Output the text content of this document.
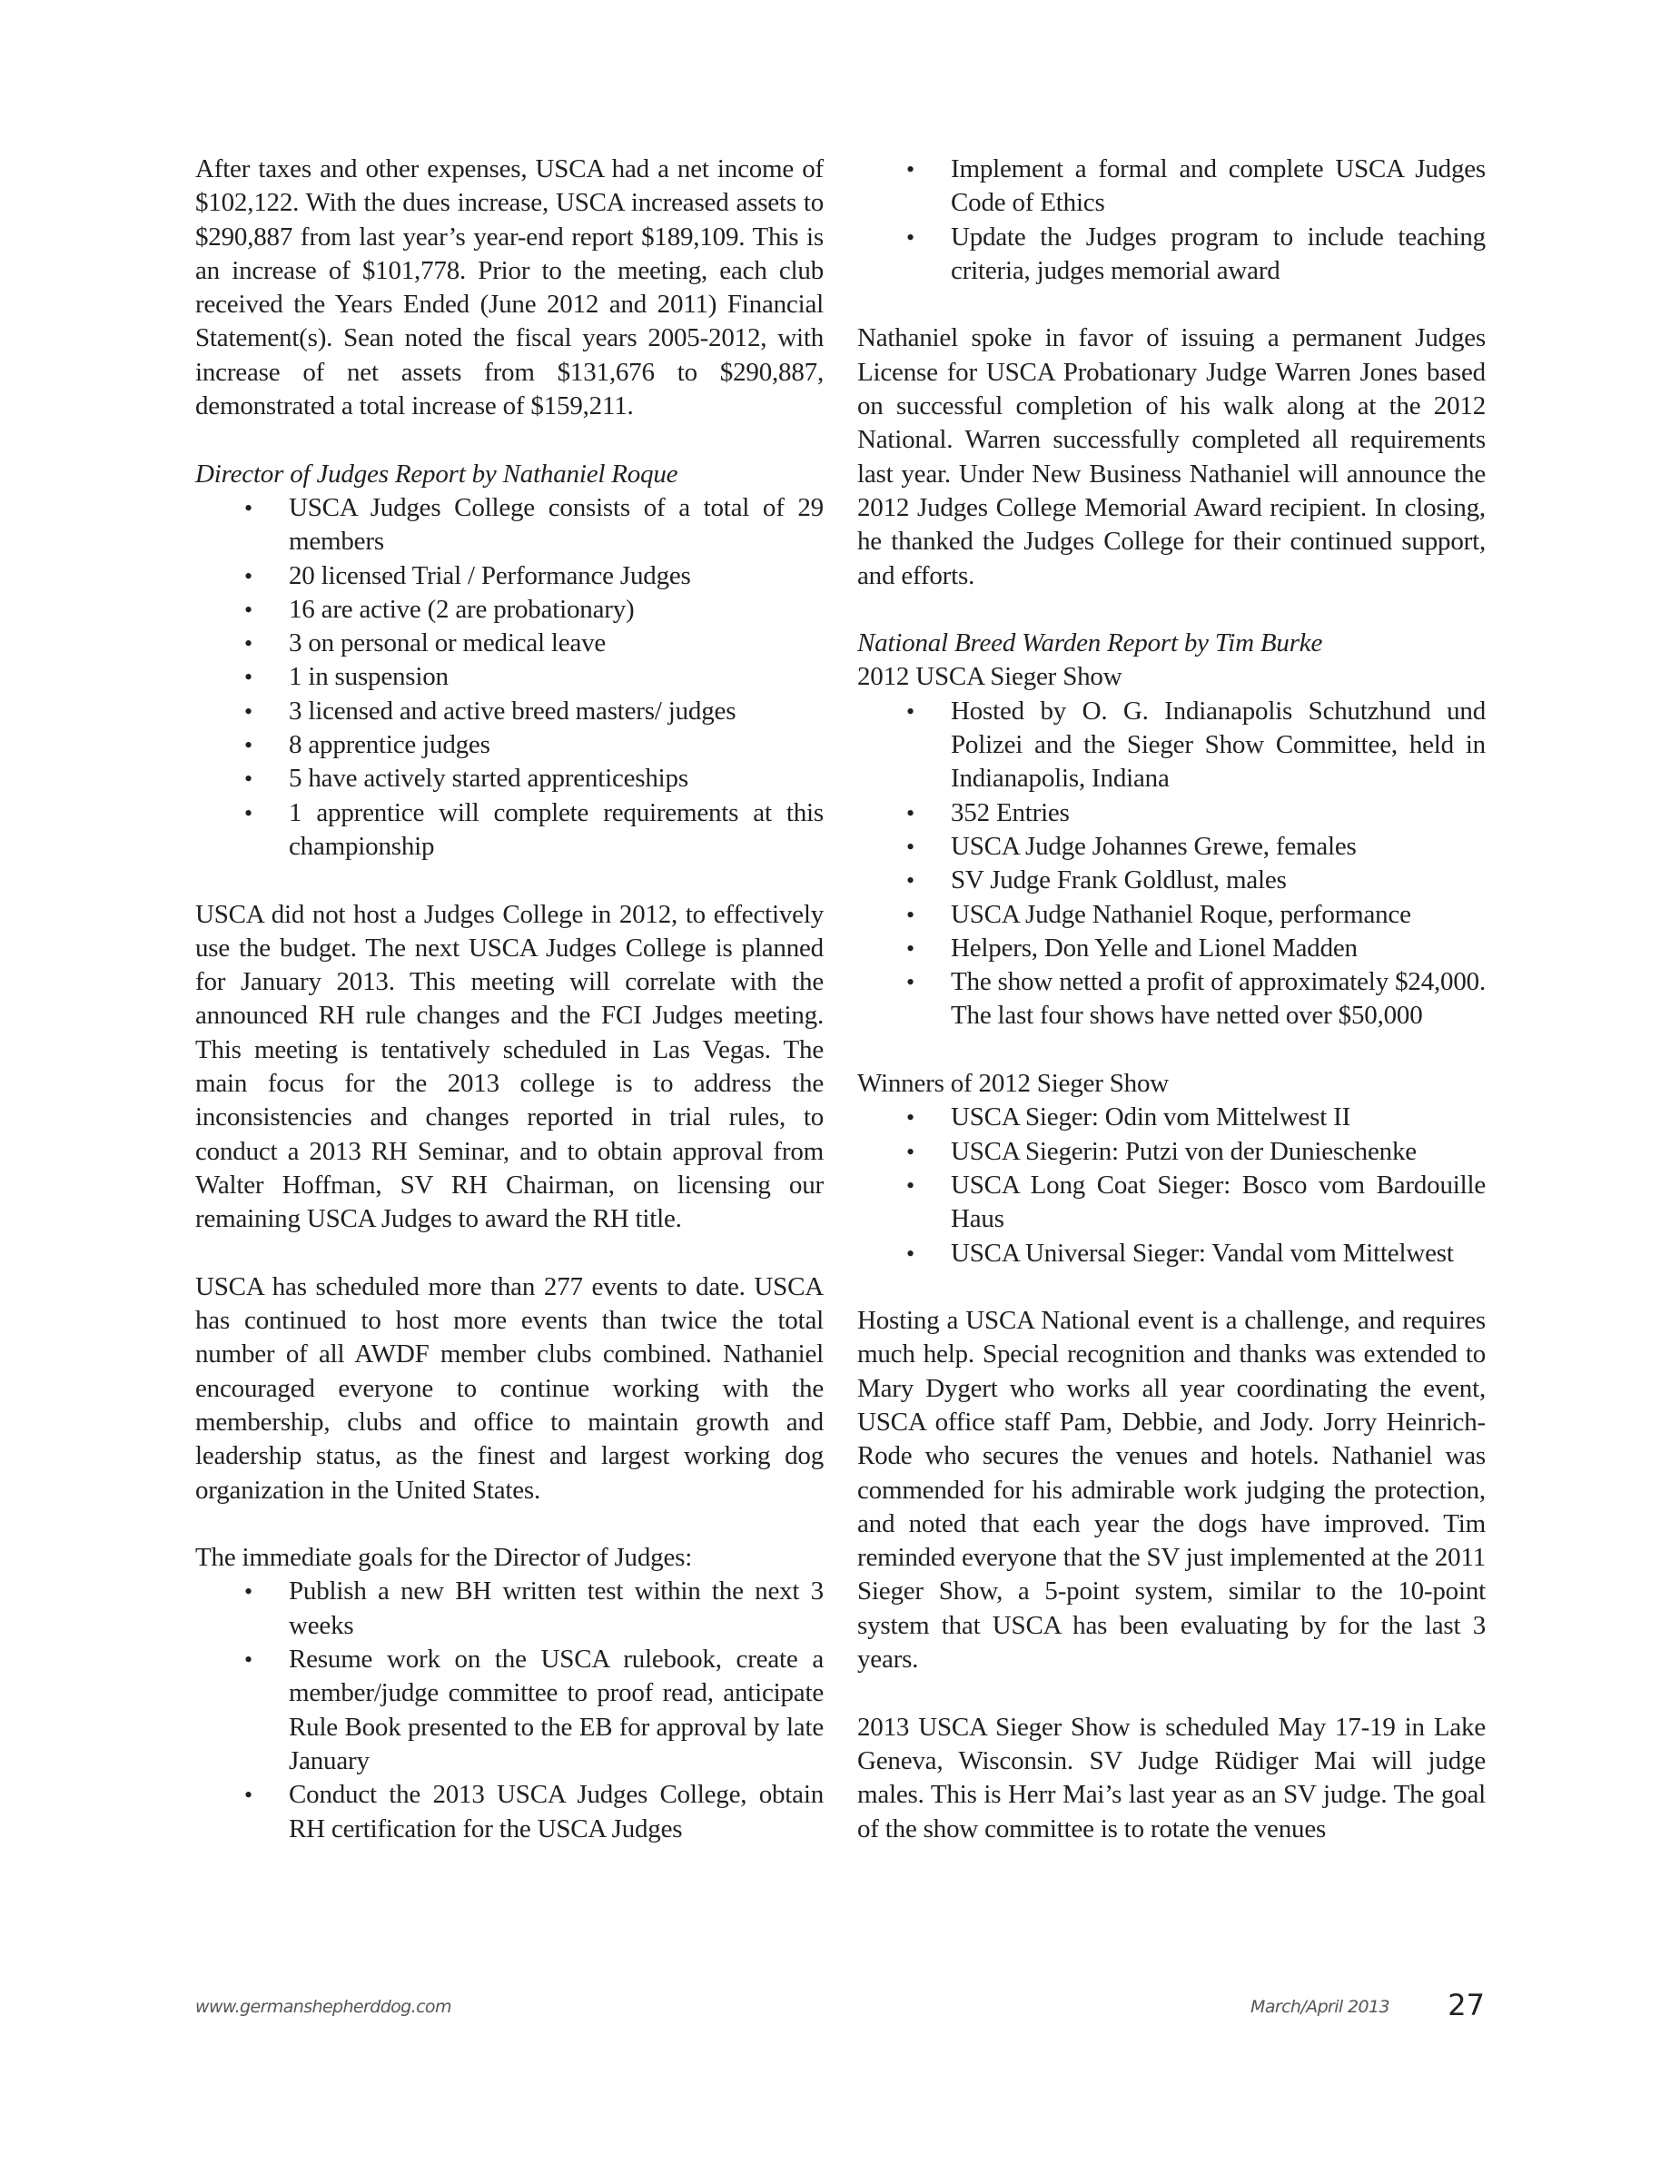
After taxes and other expenses, USCA had a net income of $102,122. With the dues increase, USCA increased assets to $290,887 from last year’s year-end report $189,109. This is an increase of $101,778. Prior to the meeting, each club received the Years Ended (June 2012 and 2011) Financial Statement(s). Sean noted the fiscal years 2005-2012, with increase of net assets from $131,676 to $290,887, demonstrated a total increase of $159,211.

Director of Judges Report by Nathaniel Roque

• USCA Judges College consists of a total of 29 members
• 20 licensed Trial / Performance Judges
• 16 are active (2 are probationary)
• 3 on personal or medical leave
• 1 in suspension
• 3 licensed and active breed masters/ judges
• 8 apprentice judges
• 5 have actively started apprenticeships
• 1 apprentice will complete requirements at this championship

USCA did not host a Judges College in 2012, to effectively use the budget. The next USCA Judges College is planned for January 2013. This meeting will correlate with the announced RH rule changes and the FCI Judges meeting. This meeting is tentatively scheduled in Las Vegas. The main focus for the 2013 college is to address the inconsistencies and changes reported in trial rules, to conduct a 2013 RH Seminar, and to obtain approval from Walter Hoffman, SV RH Chairman, on licensing our remaining USCA Judges to award the RH title.

USCA has scheduled more than 277 events to date. USCA has continued to host more events than twice the total number of all AWDF member clubs combined. Nathaniel encouraged everyone to continue working with the membership, clubs and office to maintain growth and leadership status, as the finest and largest working dog organization in the United States.

The immediate goals for the Director of Judges:

• Publish a new BH written test within the next 3 weeks
• Resume work on the USCA rulebook, create a member/judge committee to proof read, anticipate Rule Book presented to the EB for approval by late January
• Conduct the 2013 USCA Judges College, obtain RH certification for the USCA Judges
• Implement a formal and complete USCA Judges Code of Ethics
• Update the Judges program to include teaching criteria, judges memorial award

Nathaniel spoke in favor of issuing a permanent Judges License for USCA Probationary Judge Warren Jones based on successful completion of his walk along at the 2012 National. Warren successfully completed all requirements last year. Under New Business Nathaniel will announce the 2012 Judges College Memorial Award recipient. In closing, he thanked the Judges College for their continued support, and efforts.

National Breed Warden Report by Tim Burke

2012 USCA Sieger Show

• Hosted by O. G. Indianapolis Schutzhund und Polizei and the Sieger Show Committee, held in Indianapolis, Indiana
• 352 Entries
• USCA Judge Johannes Grewe, females
• SV Judge Frank Goldlust, males
• USCA Judge Nathaniel Roque, performance
• Helpers, Don Yelle and Lionel Madden
• The show netted a profit of approximately $24,000. The last four shows have netted over $50,000

Winners of 2012 Sieger Show

• USCA Sieger: Odin vom Mittelwest II
• USCA Siegerin: Putzi von der Dunieschenke
• USCA Long Coat Sieger: Bosco vom Bardouille Haus
• USCA Universal Sieger: Vandal vom Mittelwest

Hosting a USCA National event is a challenge, and requires much help. Special recognition and thanks was extended to Mary Dygert who works all year coordinating the event, USCA office staff Pam, Debbie, and Jody. Jorry Heinrich-Rode who secures the venues and hotels. Nathaniel was commended for his admirable work judging the protection, and noted that each year the dogs have improved. Tim reminded everyone that the SV just implemented at the 2011 Sieger Show, a 5-point system, similar to the 10-point system that USCA has been evaluating by for the last 3 years.

2013 USCA Sieger Show is scheduled May 17-19 in Lake Geneva, Wisconsin. SV Judge Rüdiger Mai will judge males. This is Herr Mai’s last year as an SV judge. The goal of the show committee is to rotate the venues

www.germanshepherddog.com	March/April 2013 27
